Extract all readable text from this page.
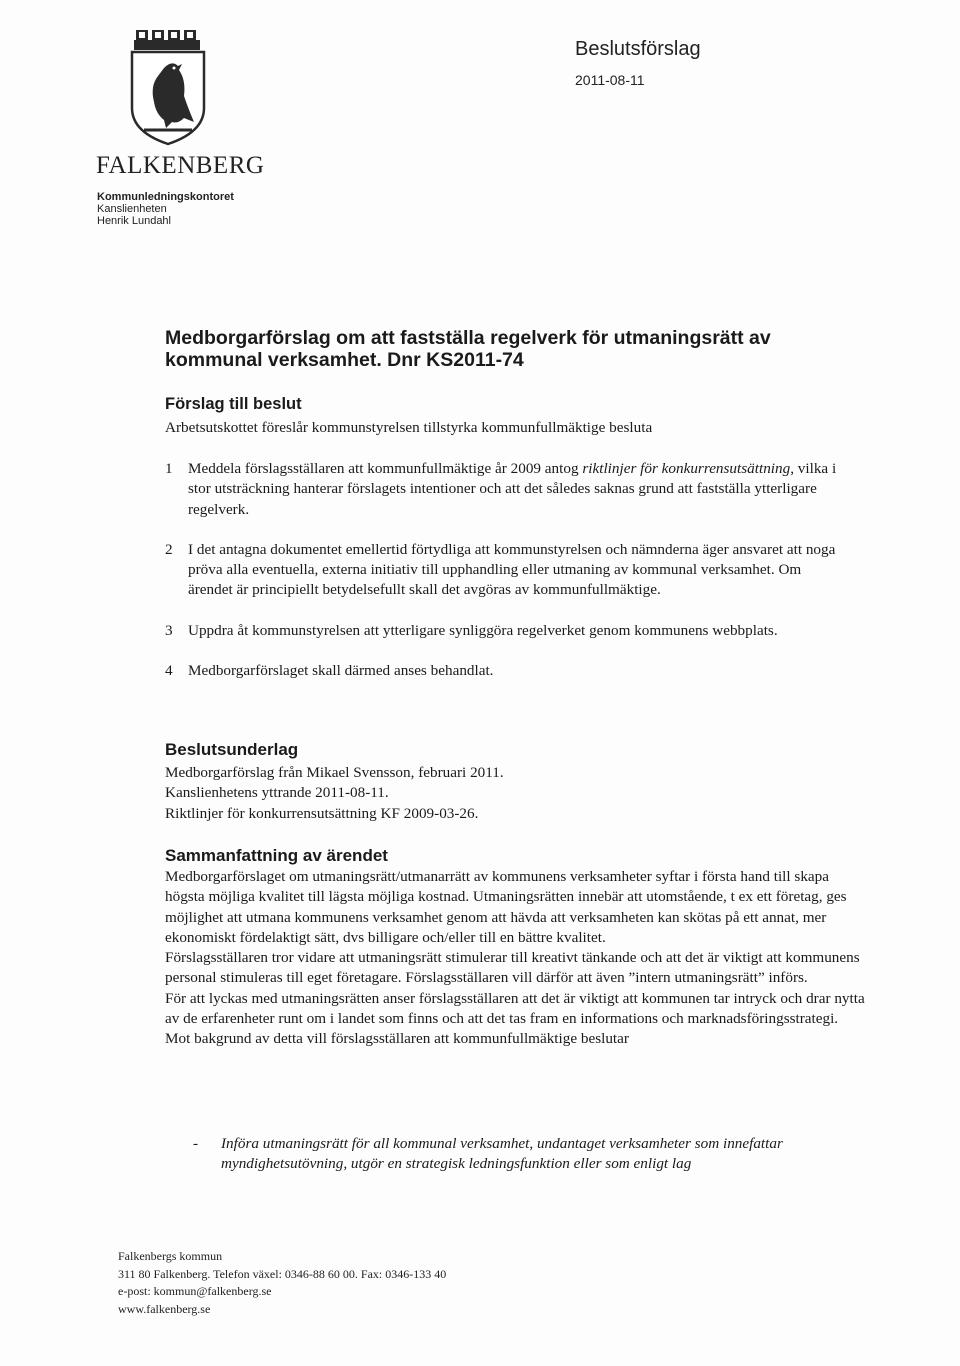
FALKENBERG
Kommunledningskontoret
Kanslienheten
Henrik Lundahl
Beslutsförslag
2011-08-11
Medborgarförslag om att fastställa regelverk för utmaningsrätt av
kommunal verksamhet. Dnr KS2011-74
Förslag till beslut
Arbetsutskottet föreslår kommunstyrelsen tillstyrka kommunfullmäktige besluta
1	Meddela förslagsställaren att kommunfullmäktige år 2009 antog riktlinjer för konkurrensutsättning, vilka i stor utsträckning hanterar förslagets intentioner och att det således saknas grund att fastställa ytterligare regelverk.
2	I det antagna dokumentet emellertid förtydliga att kommunstyrelsen och nämnderna äger ansvaret att noga pröva alla eventuella, externa initiativ till upphandling eller utmaning av kommunal verksamhet. Om ärendet är principiellt betydelsefullt skall det avgöras av kommunfullmäktige.
3	Uppdra åt kommunstyrelsen att ytterligare synliggöra regelverket genom kommunens webbplats.
4	Medborgarförslaget skall därmed anses behandlat.
Beslutsunderlag
Medborgarförslag från Mikael Svensson, februari 2011.
Kanslienhetens yttrande 2011-08-11.
Riktlinjer för konkurrensutsättning KF 2009-03-26.
Sammanfattning av ärendet

Medborgarförslaget om utmaningsrätt/utmanarrätt av kommunens verksamheter syftar i första hand till skapa högsta möjliga kvalitet till lägsta möjliga kostnad. Utmaningsrätten innebär att utomstående, t ex ett företag, ges möjlighet att utmana kommunens verksamhet genom att hävda att verksamheten kan skötas på ett annat, mer ekonomiskt fördelaktigt sätt, dvs billigare och/eller till en bättre kvalitet.

Förslagsställaren tror vidare att utmaningsrätt stimulerar till kreativt tänkande och att det är viktigt att kommunens personal stimuleras till eget företagare. Förslagsställaren vill därför att även ”intern utmaningsrätt” införs.

För att lyckas med utmaningsrätten anser förslagsställaren att det är viktigt att kommunen tar intryck och drar nytta av de erfarenheter runt om i landet som finns och att det tas fram en informations och marknadsföringsstrategi.

Mot bakgrund av detta vill förslagsställaren att kommunfullmäktige beslutar

-	Införa utmaningsrätt för all kommunal verksamhet, undantaget verksamheter som innefattar myndighetsutövning, utgör en strategisk ledningsfunktion eller som enligt lag
Falkenbergs kommun
311 80 Falkenberg. Telefon växel: 0346-88 60 00. Fax: 0346-133 40
e-post: kommun@falkenberg.se
www.falkenberg.se
